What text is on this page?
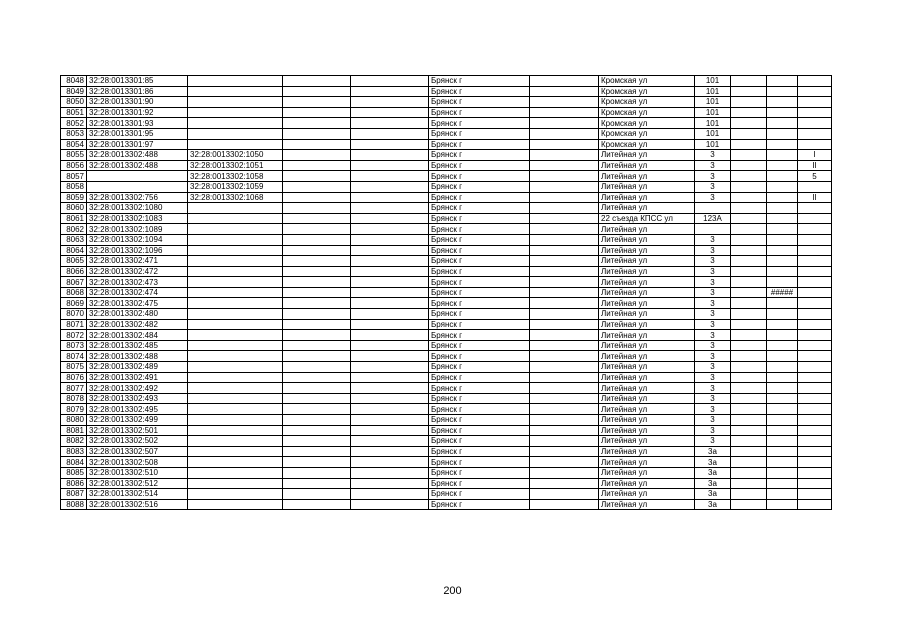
8048	32:28:0013301:85				Брянск г		Кромская ул	101			
8049	32:28:0013301:86				Брянск г		Кромская ул	101			
8050	32:28:0013301:90				Брянск г		Кромская ул	101			
8051	32:28:0013301:92				Брянск г		Кромская ул	101			
8052	32:28:0013301:93				Брянск г		Кромская ул	101			
8053	32:28:0013301:95				Брянск г		Кромская ул	101			
8054	32:28:0013301:97				Брянск г		Кромская ул	101			
8055	32:28:0013302:488	32:28:0013302:1050			Брянск г		Литейная ул	3			I
8056	32:28:0013302:488	32:28:0013302:1051			Брянск г		Литейная ул	3			II
8057		32:28:0013302:1058			Брянск г		Литейная ул	3			5
8058		32:28:0013302:1059			Брянск г		Литейная ул	3			
8059	32:28:0013302:756	32:28:0013302:1068			Брянск г		Литейная ул	3			II
8060	32:28:0013302:1080				Брянск г		Литейная ул				
8061	32:28:0013302:1083				Брянск г		22 съезда КПСС ул	123А			
8062	32:28:0013302:1089				Брянск г		Литейная ул				
8063	32:28:0013302:1094				Брянск г		Литейная ул	3			
8064	32:28:0013302:1096				Брянск г		Литейная ул	3			
8065	32:28:0013302:471				Брянск г		Литейная ул	3			
8066	32:28:0013302:472				Брянск г		Литейная ул	3			
8067	32:28:0013302:473				Брянск г		Литейная ул	3			
8068	32:28:0013302:474				Брянск г		Литейная ул	3		#####	
8069	32:28:0013302:475				Брянск г		Литейная ул	3			
8070	32:28:0013302:480				Брянск г		Литейная ул	3			
8071	32:28:0013302:482				Брянск г		Литейная ул	3			
8072	32:28:0013302:484				Брянск г		Литейная ул	3			
8073	32:28:0013302:485				Брянск г		Литейная ул	3			
8074	32:28:0013302:488				Брянск г		Литейная ул	3			
8075	32:28:0013302:489				Брянск г		Литейная ул	3			
8076	32:28:0013302:491				Брянск г		Литейная ул	3			
8077	32:28:0013302:492				Брянск г		Литейная ул	3			
8078	32:28:0013302:493				Брянск г		Литейная ул	3			
8079	32:28:0013302:495				Брянск г		Литейная ул	3			
8080	32:28:0013302:499				Брянск г		Литейная ул	3			
8081	32:28:0013302:501				Брянск г		Литейная ул	3			
8082	32:28:0013302:502				Брянск г		Литейная ул	3			
8083	32:28:0013302:507				Брянск г		Литейная ул	3а			
8084	32:28:0013302:508				Брянск г		Литейная ул	3а			
8085	32:28:0013302:510				Брянск г		Литейная ул	3а			
8086	32:28:0013302:512				Брянск г		Литейная ул	3а			
8087	32:28:0013302:514				Брянск г		Литейная ул	3а			
8088	32:28:0013302:516				Брянск г		Литейная ул	3а			
200
